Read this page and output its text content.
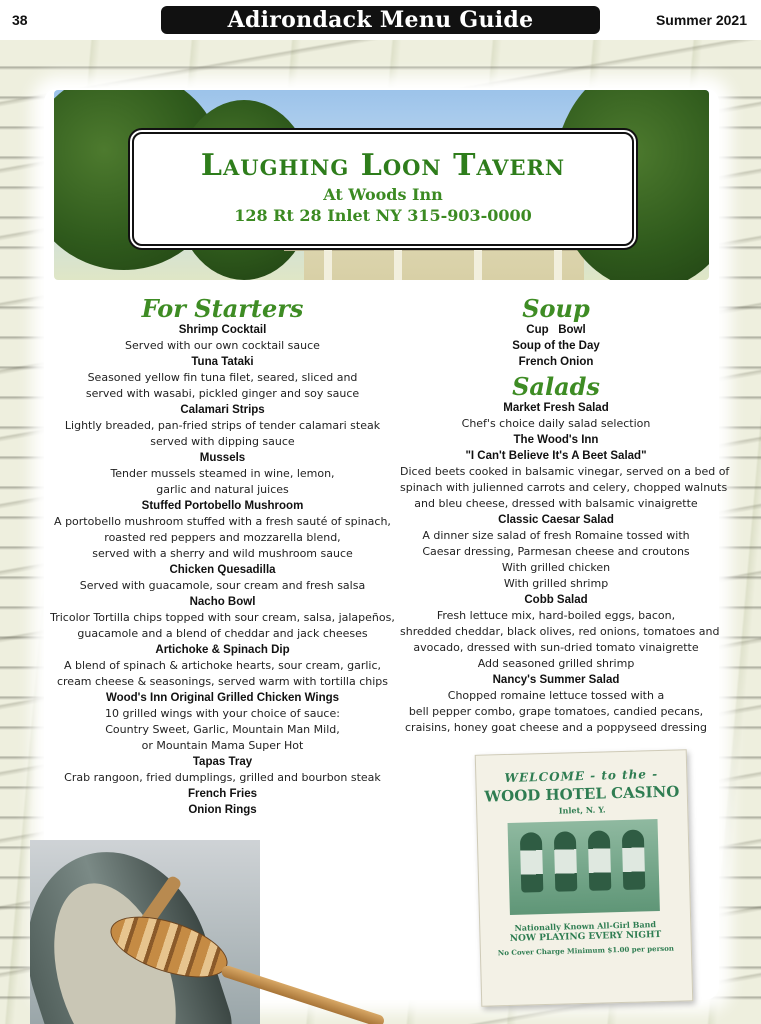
38	Adirondack Menu Guide	Summer 2021
Laughing Loon Tavern
At Woods Inn
128 Rt 28 Inlet NY 315-903-0000
For Starters
Shrimp Cocktail
Served with our own cocktail sauce
Tuna Tataki
Seasoned yellow fin tuna filet, seared, sliced and
served with wasabi, pickled ginger and soy sauce
Calamari Strips
Lightly breaded, pan-fried strips of tender calamari steak
served with dipping sauce
Mussels
Tender mussels steamed in wine, lemon,
garlic and natural juices
Stuffed Portobello Mushroom
A portobello mushroom stuffed with a fresh sauté of spinach,
roasted red peppers and mozzarella blend,
served with a sherry and wild mushroom sauce
Chicken Quesadilla
Served with guacamole, sour cream and fresh salsa
Nacho Bowl
Tricolor Tortilla chips topped with sour cream, salsa, jalapeños,
guacamole and a blend of cheddar and jack cheeses
Artichoke & Spinach Dip
A blend of spinach & artichoke hearts, sour cream, garlic,
cream cheese & seasonings, served warm with tortilla chips
Wood's Inn Original Grilled Chicken Wings
10 grilled wings with your choice of sauce:
Country Sweet, Garlic, Mountain Man Mild,
or Mountain Mama Super Hot
Tapas Tray
Crab rangoon, fried dumplings, grilled and bourbon steak
French Fries
Onion Rings
Soup
Cup   Bowl
Soup of the Day
French Onion
Salads
Market Fresh Salad
Chef's choice daily salad selection
The Wood's Inn
"I Can't Believe It's A Beet Salad"
Diced beets cooked in balsamic vinegar, served on a bed of
spinach with julienned carrots and celery, chopped walnuts
and bleu cheese, dressed with balsamic vinaigrette
Classic Caesar Salad
A dinner size salad of fresh Romaine tossed with
Caesar dressing, Parmesan cheese and croutons
With grilled chicken
With grilled shrimp
Cobb Salad
Fresh lettuce mix, hard-boiled eggs, bacon,
shredded cheddar, black olives, red onions, tomatoes and
avocado, dressed with sun-dried tomato vinaigrette
Add seasoned grilled shrimp
Nancy's Summer Salad
Chopped romaine lettuce tossed with a
bell pepper combo, grape tomatoes, candied pecans,
craisins, honey goat cheese and a poppyseed dressing
WELCOME - to the -
WOOD HOTEL CASINO
Inlet, N. Y.
Nationally Known All-Girl Band
NOW PLAYING EVERY NIGHT
No Cover Charge Minimum $1.00 per person
